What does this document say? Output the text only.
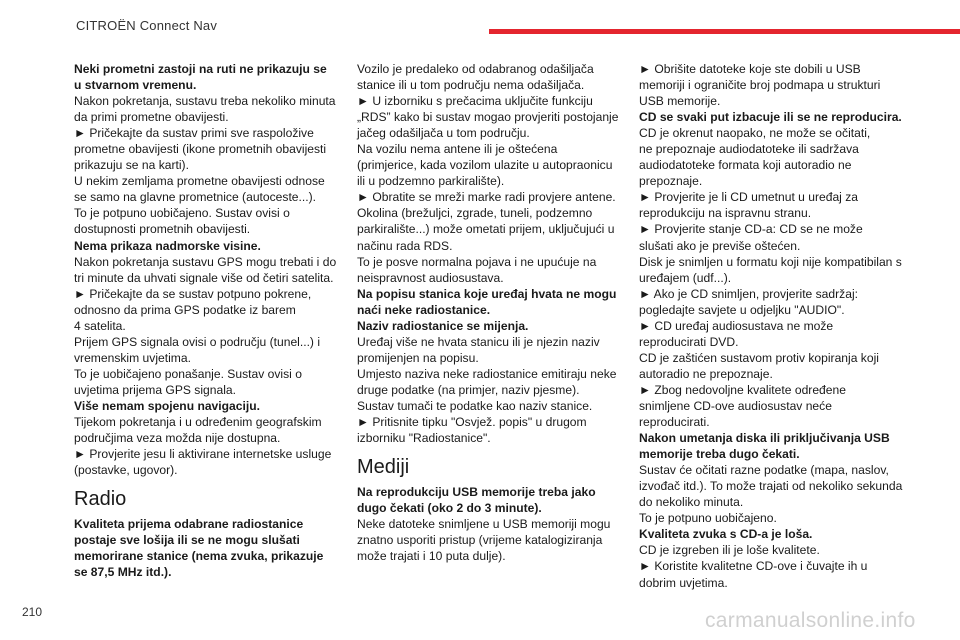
CITROËN Connect Nav

Neki prometni zastoji na ruti ne prikazuju se

u stvarnom vremenu.

Nakon pokretanja, sustavu treba nekoliko minuta

da primi prometne obavijesti.

► Pričekajte da sustav primi sve raspoložive

prometne obavijesti (ikone prometnih obavijesti

prikazuju se na karti).

U nekim zemljama prometne obavijesti odnose

se samo na glavne prometnice (autoceste...).

To je potpuno uobičajeno. Sustav ovisi o

dostupnosti prometnih obavijesti.

Nema prikaza nadmorske visine.

Nakon pokretanja sustavu GPS mogu trebati i do

tri minute da uhvati signale više od četiri satelita.

► Pričekajte da se sustav potpuno pokrene,

odnosno da prima GPS podatke iz barem

4 satelita.

Prijem GPS signala ovisi o području (tunel...) i

vremenskim uvjetima.

To je uobičajeno ponašanje. Sustav ovisi o

uvjetima prijema GPS signala.

Više nemam spojenu navigaciju.

Tijekom pokretanja i u određenim geografskim

područjima veza možda nije dostupna.

► Provjerite jesu li aktivirane internetske usluge

(postavke, ugovor).

Radio

Kvaliteta prijema odabrane radiostanice

postaje sve lošija ili se ne mogu slušati

memorirane stanice (nema zvuka, prikazuje

se 87,5 MHz itd.).

Vozilo je predaleko od odabranog odašiljača

stanice ili u tom području nema odašiljača.

► U izborniku s prečacima uključite funkciju

„RDS” kako bi sustav mogao provjeriti postojanje

jačeg odašiljača u tom području.

Na vozilu nema antene ili je oštećena

(primjerice, kada vozilom ulazite u autopraonicu

ili u podzemno parkiralište).

► Obratite se mreži marke radi provjere antene.

Okolina (brežuljci, zgrade, tuneli, podzemno

parkiralište...) može ometati prijem, uključujući u

načinu rada RDS.

To je posve normalna pojava i ne upućuje na

neispravnost audiosustava.

Na popisu stanica koje uređaj hvata ne mogu

naći neke radiostanice.

Naziv radiostanice se mijenja.

Uređaj više ne hvata stanicu ili je njezin naziv

promijenjen na popisu.

Umjesto naziva neke radiostanice emitiraju neke

druge podatke (na primjer, naziv pjesme).

Sustav tumači te podatke kao naziv stanice.

► Pritisnite tipku "Osvjež. popis" u drugom

izborniku "Radiostanice".

Mediji

Na reprodukciju USB memorije treba jako

dugo čekati (oko 2 do 3 minute).

Neke datoteke snimljene u USB memoriji mogu

znatno usporiti pristup (vrijeme katalogiziranja

može trajati i 10 puta dulje).

► Obrišite datoteke koje ste dobili u USB

memoriji i ograničite broj podmapa u strukturi

USB memorije.

CD se svaki put izbacuje ili se ne reproducira.

CD je okrenut naopako, ne može se očitati,

ne prepoznaje audiodatoteke ili sadržava

audiodatoteke formata koji autoradio ne

prepoznaje.

► Provjerite je li CD umetnut u uređaj za

reprodukciju na ispravnu stranu.

► Provjerite stanje CD-a: CD se ne može

slušati ako je previše oštećen.

Disk je snimljen u formatu koji nije kompatibilan s

uređajem (udf...).

► Ako je CD snimljen, provjerite sadržaj:

pogledajte savjete u odjeljku "AUDIO".

► CD uređaj audiosustava ne može

reproducirati DVD.

CD je zaštićen sustavom protiv kopiranja koji

autoradio ne prepoznaje.

► Zbog nedovoljne kvalitete određene

snimljene CD-ove audiosustav neće

reproducirati.

Nakon umetanja diska ili priključivanja USB

memorije treba dugo čekati.

Sustav će očitati razne podatke (mapa, naslov,

izvođač itd.). To može trajati od nekoliko sekunda

do nekoliko minuta.

To je potpuno uobičajeno.

Kvaliteta zvuka s CD-a je loša.

CD je izgreben ili je loše kvalitete.

► Koristite kvalitetne CD-ove i čuvajte ih u

dobrim uvjetima.

210	carmanualsonline.info
